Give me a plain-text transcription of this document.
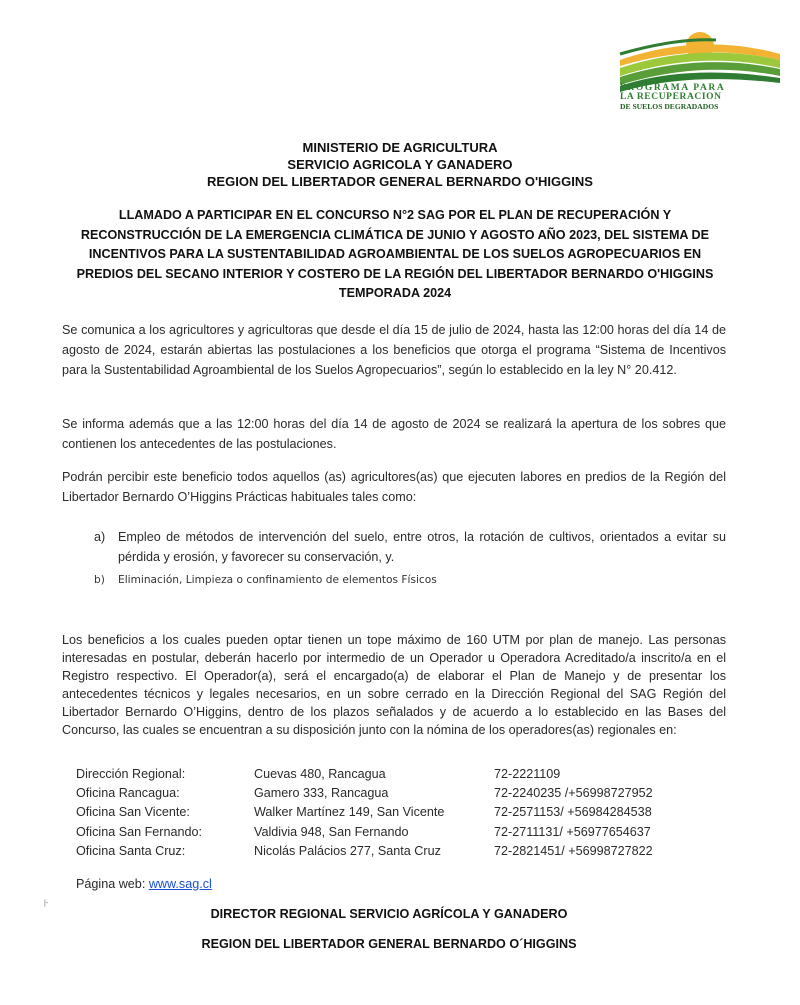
PROGRAMA PARA
LA RECUPERACION
DE SUELOS DEGRADADOS
MINISTERIO DE AGRICULTURA
SERVICIO AGRICOLA Y GANADERO
REGION DEL LIBERTADOR GENERAL BERNARDO O'HIGGINS
LLAMADO A PARTICIPAR EN EL CONCURSO N°2 SAG POR EL PLAN DE RECUPERACIÓN Y
RECONSTRUCCIÓN DE LA EMERGENCIA CLIMÁTICA DE JUNIO Y AGOSTO AÑO 2023, DEL SISTEMA DE
INCENTIVOS PARA LA SUSTENTABILIDAD AGROAMBIENTAL DE LOS SUELOS AGROPECUARIOS EN
PREDIOS DEL SECANO INTERIOR Y COSTERO DE LA REGIÓN DEL LIBERTADOR BERNARDO O'HIGGINS
TEMPORADA 2024
Se comunica a los agricultores y agricultoras que desde el día 15 de julio de 2024, hasta las 12:00 horas del día 14 de agosto de 2024, estarán abiertas las postulaciones a los beneficios que otorga el programa “Sistema de Incentivos para la Sustentabilidad Agroambiental de los Suelos Agropecuarios”, según lo establecido en la ley N° 20.412.
Se informa además que a las 12:00 horas del día 14 de agosto de 2024 se realizará la apertura de los sobres que contienen los antecedentes de las postulaciones.
Podrán percibir este beneficio todos aquellos (as) agricultores(as) que ejecuten labores en predios de la Región del Libertador Bernardo O’Higgins Prácticas habituales tales como:
a)	Empleo de métodos de intervención del suelo, entre otros, la rotación de cultivos, orientados a evitar su pérdida y erosión, y favorecer su conservación, y.
b)	Eliminación, Limpieza o confinamiento de elementos Físicos
Los beneficios a los cuales pueden optar tienen un tope máximo de 160 UTM por plan de manejo. Las personas interesadas en postular, deberán hacerlo por intermedio de un Operador u Operadora Acreditado/a inscrito/a en el Registro respectivo. El Operador(a), será el encargado(a) de elaborar el Plan de Manejo y de presentar los antecedentes técnicos y legales necesarios, en un sobre cerrado en la Dirección Regional del SAG Región del Libertador Bernardo O’Higgins, dentro de los plazos señalados y de acuerdo a lo establecido en las Bases del Concurso, las cuales se encuentran a su disposición junto con la nómina de los operadores(as) regionales en:
Dirección Regional:	Cuevas 480, Rancagua	72-2221109
Oficina Rancagua:	Gamero 333, Rancagua	72-2240235 /+56998727952
Oficina San Vicente:	Walker Martínez 149, San Vicente	72-2571153/ +56984284538
Oficina San Fernando:	Valdivia 948, San Fernando	72-2711131/ +56977654637
Oficina Santa Cruz:	Nicolás Palácios 277, Santa Cruz	72-2821451/ +56998727822
Página web: www.sag.cl
|-
DIRECTOR REGIONAL SERVICIO AGRÍCOLA Y GANADERO
REGION DEL LIBERTADOR GENERAL BERNARDO O´HIGGINS
